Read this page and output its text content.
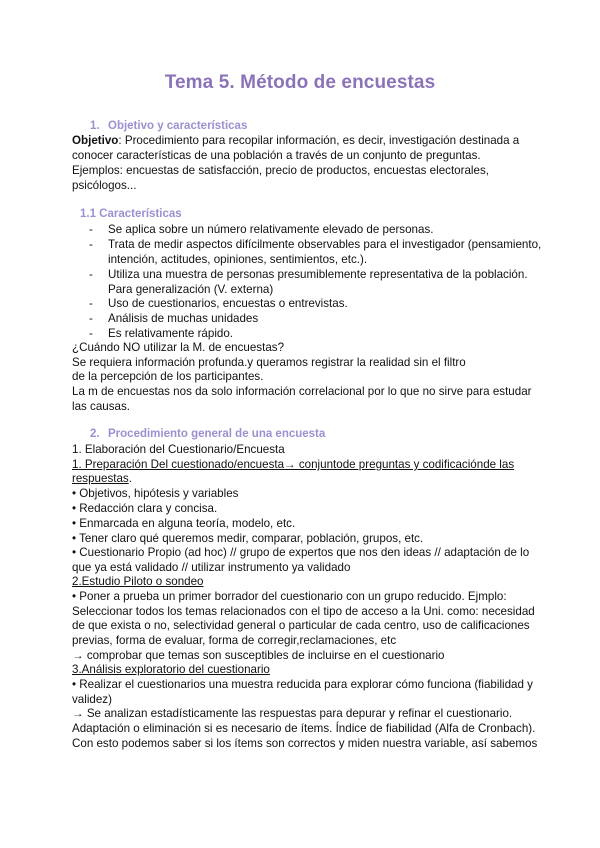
Tema 5. Método de encuestas
1. Objetivo y características
Objetivo: Procedimiento para recopilar información, es decir, investigación destinada a
conocer características de una población a través de un conjunto de preguntas.
Ejemplos: encuestas de satisfacción, precio de productos, encuestas electorales,
psicólogos...
1.1 Características
- Se aplica sobre un número relativamente elevado de personas.
- Trata de medir aspectos difícilmente observables para el investigador (pensamiento,
intención, actitudes, opiniones, sentimientos, etc.).
- Utiliza una muestra de personas presumiblemente representativa de la población.
Para generalización (V. externa)
- Uso de cuestionarios, encuestas o entrevistas.
- Análisis de muchas unidades
- Es relativamente rápido.
¿Cuándo NO utilizar la M. de encuestas?
Se requiera información profunda.y queramos registrar la realidad sin el filtro
de la percepción de los participantes.
La m de encuestas nos da solo información correlacional por lo que no sirve para estudar
las causas.
2. Procedimiento general de una encuesta
1. Elaboración del Cuestionario/Encuesta
1. Preparación Del cuestionado/encuesta→ conjuntode preguntas y codificaciónde las
respuestas.
• Objetivos, hipótesis y variables
• Redacción clara y concisa.
• Enmarcada en alguna teoría, modelo, etc.
• Tener claro qué queremos medir, comparar, población, grupos, etc.
• Cuestionario Propio (ad hoc) // grupo de expertos que nos den ideas // adaptación de lo
que ya está validado // utilizar instrumento ya validado
2.Estudio Piloto o sondeo
• Poner a prueba un primer borrador del cuestionario con un grupo reducido. Ejmplo:
Seleccionar todos los temas relacionados con el tipo de acceso a la Uni. como: necesidad
de que exista o no, selectividad general o particular de cada centro, uso de calificaciones
previas, forma de evaluar, forma de corregir,reclamaciones, etc
→ comprobar que temas son susceptibles de incluirse en el cuestionario
3.Análisis exploratorio del cuestionario
• Realizar el cuestionarios una muestra reducida para explorar cómo funciona (fiabilidad y
validez)
→ Se analizan estadísticamente las respuestas para depurar y refinar el cuestionario.
Adaptación o eliminación si es necesario de ítems. Índice de fiabilidad (Alfa de Cronbach).
Con esto podemos saber si los ítems son correctos y miden nuestra variable, así sabemos
